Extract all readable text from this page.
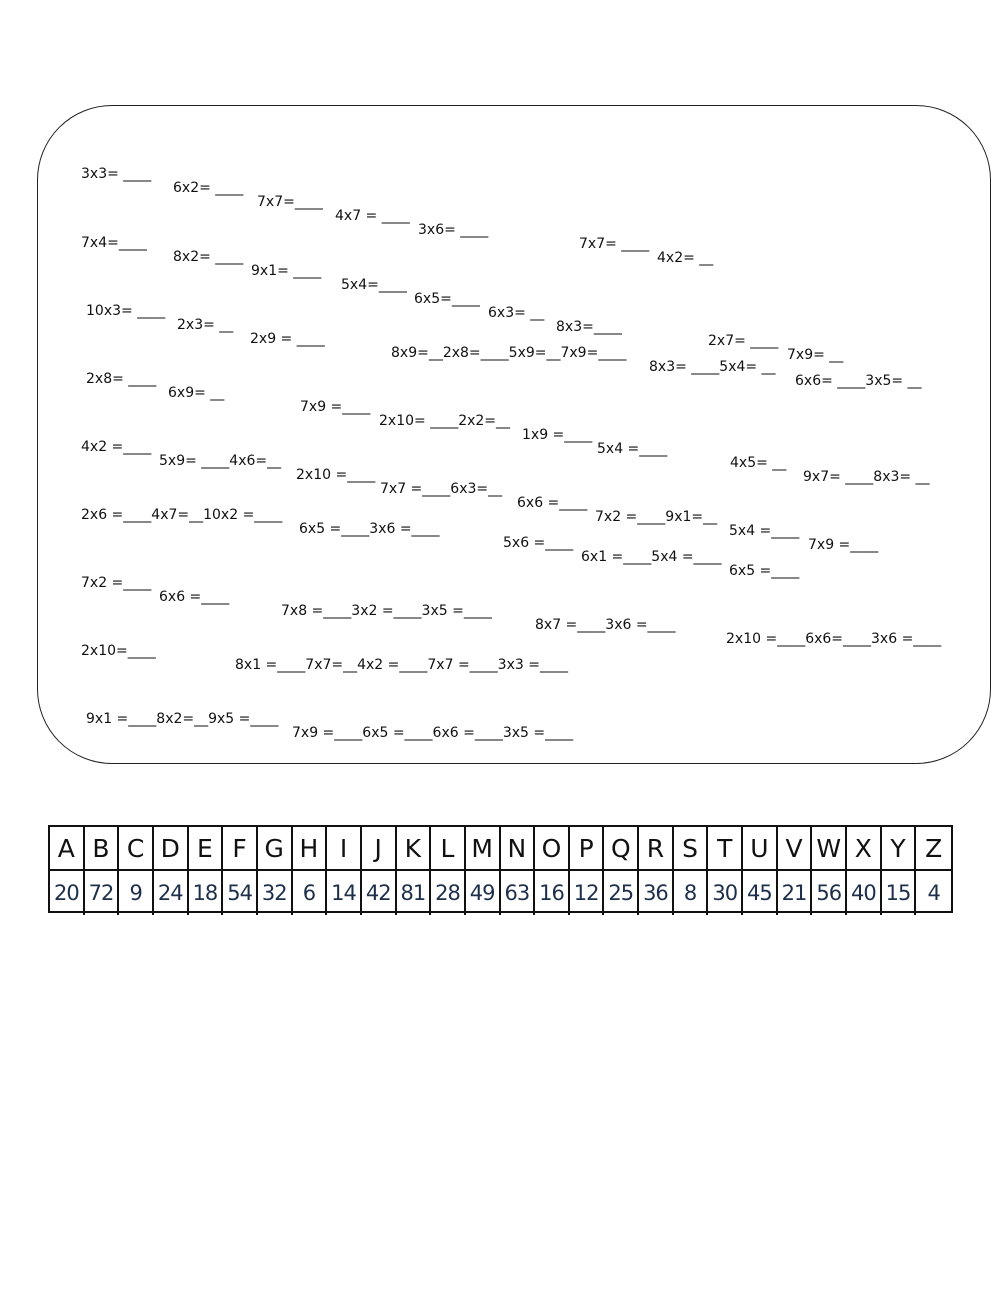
3x3= ____

6x2= ____

7x7=____

4x7 = ____

3x6= ____

7x7= ____

4x2= __

7x4=____

8x2= ____

9x1= ____

5x4=____

6x5=____

6x3= __

8x3=____

2x7= ____

7x9= __

10x3= ____

2x3= __

2x9 = ____

8x9=__2x8=____5x9=__7x9=____

8x3= ____5x4= __

6x6= ____3x5= __

2x8= ____

6x9= __

7x9 =____

2x10= ____2x2=__

1x9 =____

5x4 =____

4x5= __

9x7= ____8x3= __

4x2 =____

5x9= ____4x6=__

2x10 =____

7x7 =____6x3=__

6x6 =____

7x2 =____9x1=__

5x4 =____

7x9 =____

2x6 =____4x7=__10x2 =____

6x5 =____3x6 =____

5x6 =____

6x1 =____5x4 =____

6x5 =____

7x2 =____

6x6 =____

7x8 =____3x2 =____3x5 =____

8x7 =____3x6 =____

2x10 =____6x6=____3x6 =____

2x10=____

8x1 =____7x7=__4x2 =____7x7 =____3x3 =____

9x1 =____8x2=__9x5 =____

7x9 =____6x5 =____6x6 =____3x5 =____

A B C D E F G H I	J K L M N O P Q R S T U V W X Y Z
20 72 9 24 18 54 32 6 14 42 81 28 49 63 16 12 25 36 8 30 45 21 56 40 15 4
